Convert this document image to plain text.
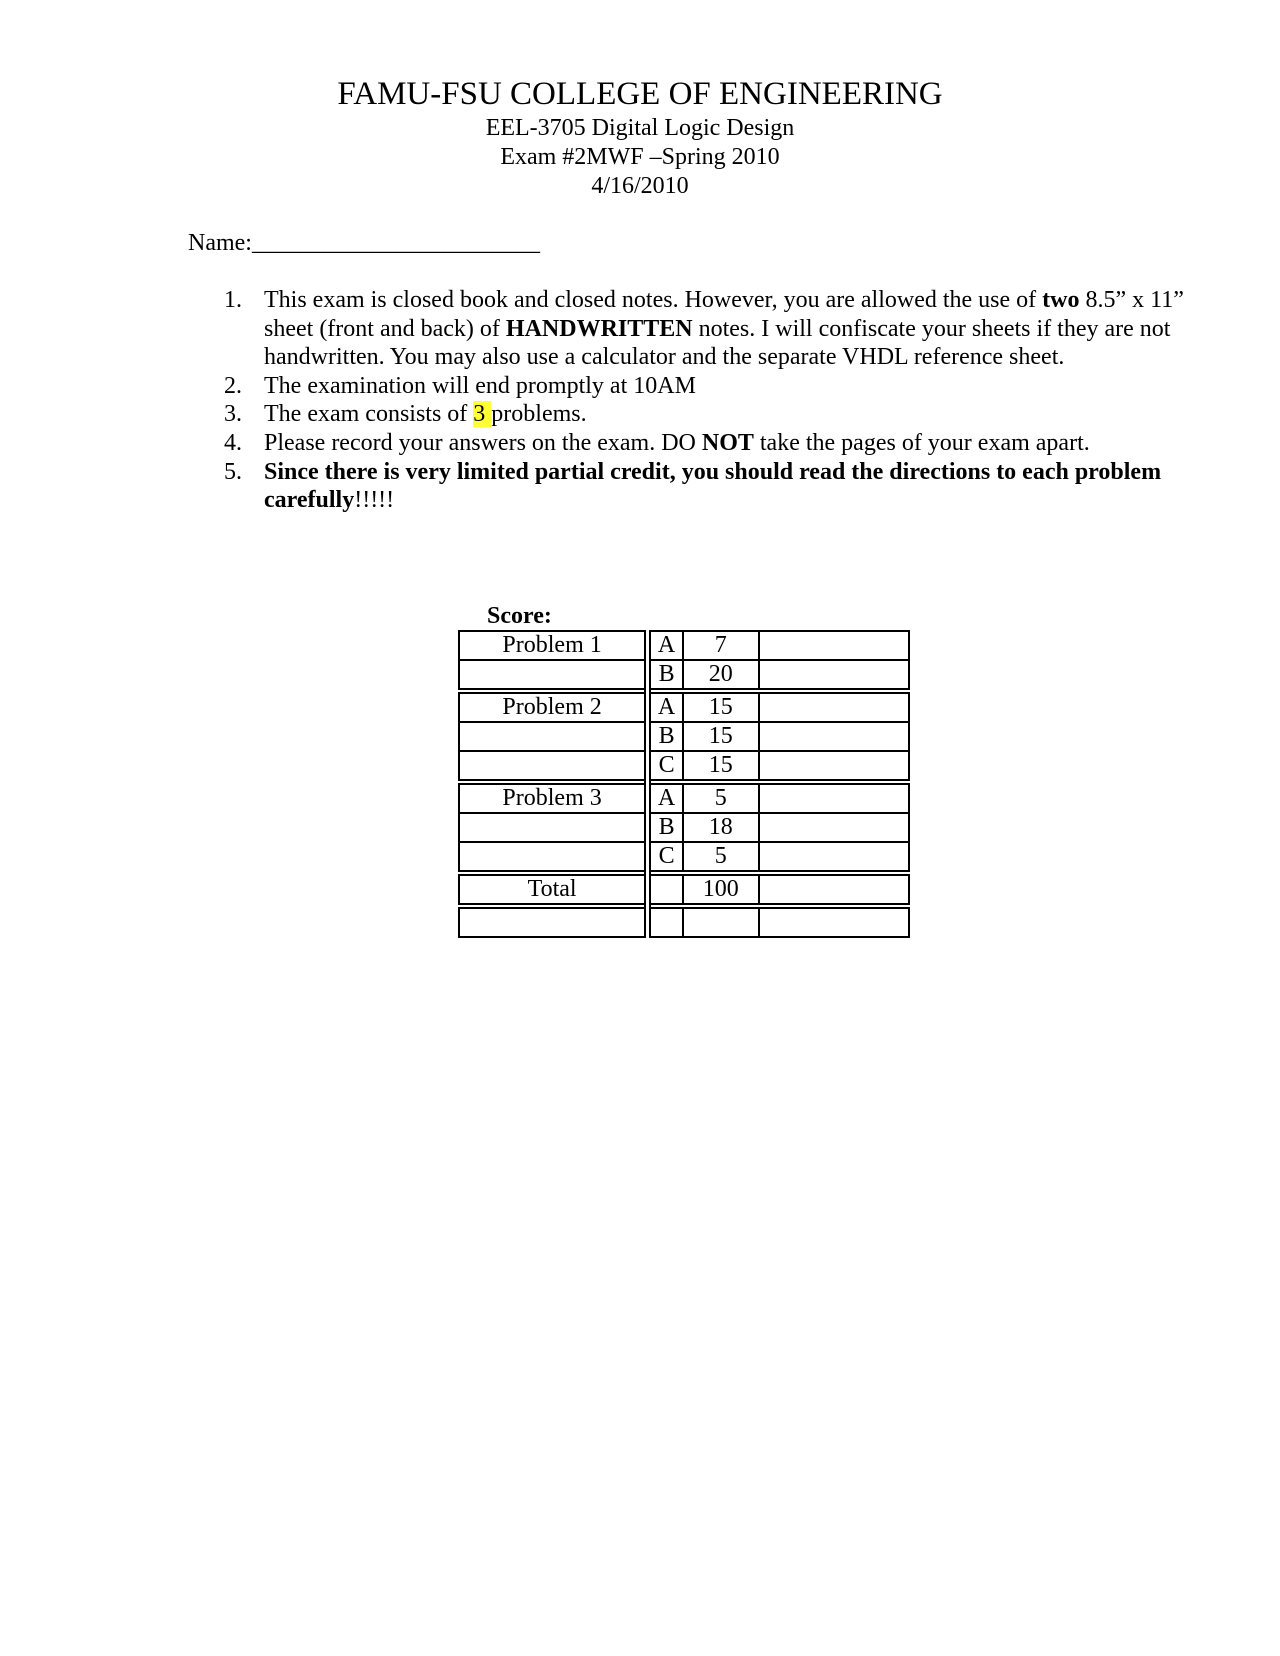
FAMU-FSU COLLEGE OF ENGINEERING
EEL-3705 Digital Logic Design
Exam #2MWF –Spring 2010
4/16/2010
Name:________________________
1. This exam is closed book and closed notes. However, you are allowed the use of two 8.5” x 11” sheet (front and back) of HANDWRITTEN notes. I will confiscate your sheets if they are not handwritten. You may also use a calculator and the separate VHDL reference sheet.
2. The examination will end promptly at 10AM
3. The exam consists of 3 problems.
4. Please record your answers on the exam. DO NOT take the pages of your exam apart.
5. Since there is very limited partial credit, you should read the directions to each problem carefully!!!!!
Score:
Problem 1	A	7	
	B	20	
Problem 2	A	15	
	B	15	
	C	15	
Problem 3	A	5	
	B	18	
	C	5	
Total		100	
